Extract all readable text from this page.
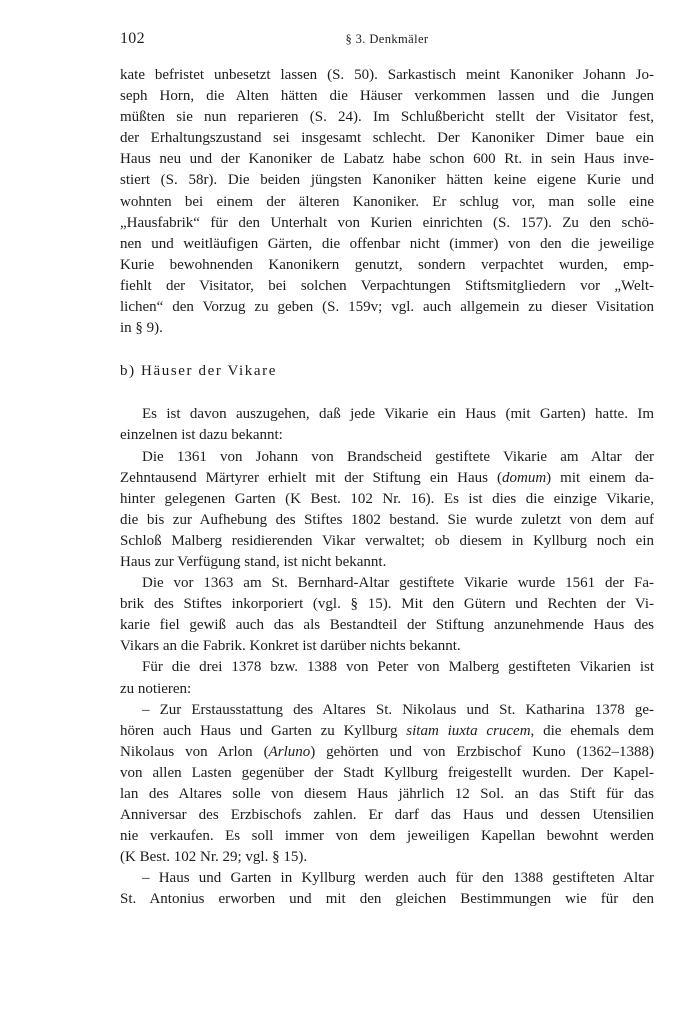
102	§ 3. Denkmäler
kate befristet unbesetzt lassen (S. 50). Sarkastisch meint Kanoniker Johann Jo-
seph Horn, die Alten hätten die Häuser verkommen lassen und die Jungen
müßten sie nun reparieren (S. 24). Im Schlußbericht stellt der Visitator fest,
der Erhaltungszustand sei insgesamt schlecht. Der Kanoniker Dimer baue ein
Haus neu und der Kanoniker de Labatz habe schon 600 Rt. in sein Haus inve-
stiert (S. 58r). Die beiden jüngsten Kanoniker hätten keine eigene Kurie und
wohnten bei einem der älteren Kanoniker. Er schlug vor, man solle eine
„Hausfabrik“ für den Unterhalt von Kurien einrichten (S. 157). Zu den schö-
nen und weitläufigen Gärten, die offenbar nicht (immer) von den die jeweilige
Kurie bewohnenden Kanonikern genutzt, sondern verpachtet wurden, emp-
fiehlt der Visitator, bei solchen Verpachtungen Stiftsmitgliedern vor „Welt-
lichen“ den Vorzug zu geben (S. 159v; vgl. auch allgemein zu dieser Visitation
in § 9).
b) Häuser der Vikare
Es ist davon auszugehen, daß jede Vikarie ein Haus (mit Garten) hatte. Im
einzelnen ist dazu bekannt:
Die 1361 von Johann von Brandscheid gestiftete Vikarie am Altar der
Zehntausend Märtyrer erhielt mit der Stiftung ein Haus (domum) mit einem da-
hinter gelegenen Garten (K Best. 102 Nr. 16). Es ist dies die einzige Vikarie,
die bis zur Aufhebung des Stiftes 1802 bestand. Sie wurde zuletzt von dem auf
Schloß Malberg residierenden Vikar verwaltet; ob diesem in Kyllburg noch ein
Haus zur Verfügung stand, ist nicht bekannt.
Die vor 1363 am St. Bernhard-Altar gestiftete Vikarie wurde 1561 der Fa-
brik des Stiftes inkorporiert (vgl. § 15). Mit den Gütern und Rechten der Vi-
karie fiel gewiß auch das als Bestandteil der Stiftung anzunehmende Haus des
Vikars an die Fabrik. Konkret ist darüber nichts bekannt.
Für die drei 1378 bzw. 1388 von Peter von Malberg gestifteten Vikarien ist
zu notieren:
– Zur Erstausstattung des Altares St. Nikolaus und St. Katharina 1378 ge-
hören auch Haus und Garten zu Kyllburg sitam iuxta crucem, die ehemals dem
Nikolaus von Arlon (Arluno) gehörten und von Erzbischof Kuno (1362–1388)
von allen Lasten gegenüber der Stadt Kyllburg freigestellt wurden. Der Kapel-
lan des Altares solle von diesem Haus jährlich 12 Sol. an das Stift für das
Anniversar des Erzbischofs zahlen. Er darf das Haus und dessen Utensilien
nie verkaufen. Es soll immer von dem jeweiligen Kapellan bewohnt werden
(K Best. 102 Nr. 29; vgl. § 15).
– Haus und Garten in Kyllburg werden auch für den 1388 gestifteten Altar
St. Antonius erworben und mit den gleichen Bestimmungen wie für den
